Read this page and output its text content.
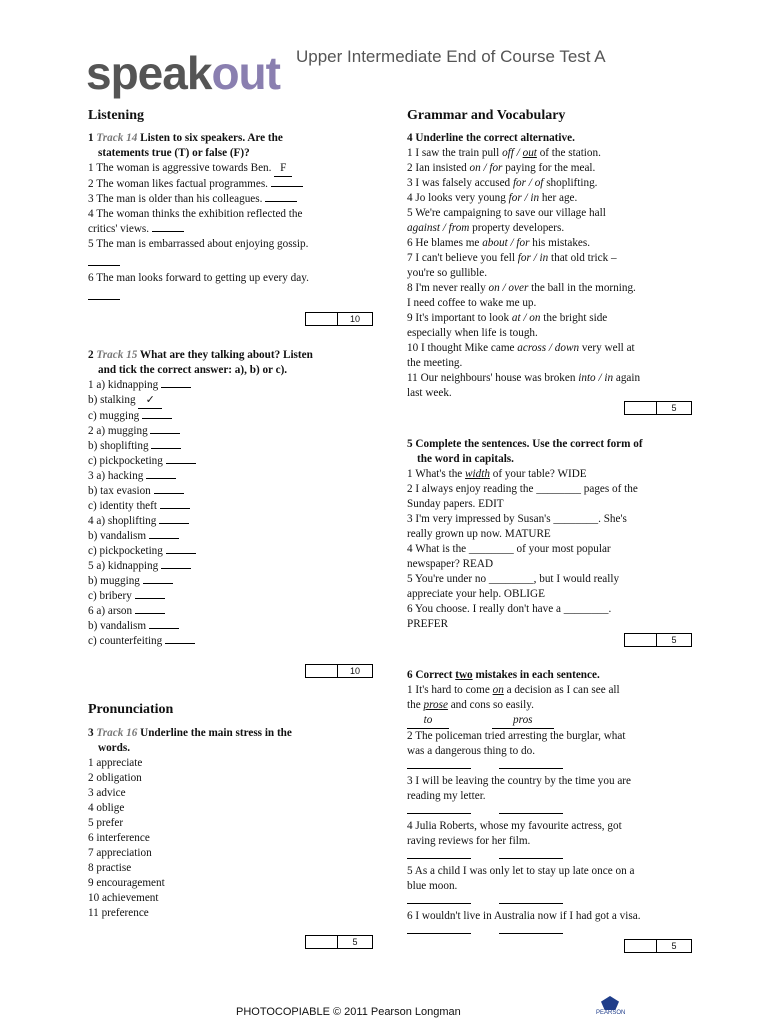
speakout Upper Intermediate End of Course Test A
Listening
1 Track 14 Listen to six speakers. Are the
statements true (T) or false (F)?
1 The woman is aggressive towards Ben. F
2 The woman likes factual programmes.
3 The man is older than his colleagues.
4 The woman thinks the exhibition reflected the
critics' views.
5 The man is embarrassed about enjoying gossip.
6 The man looks forward to getting up every day.
10
2 Track 15 What are they talking about? Listen
and tick the correct answer: a), b) or c).
1 a) kidnapping
b) stalking ✓
c) mugging
2 a) mugging
b) shoplifting
c) pickpocketing
3 a) hacking
b) tax evasion
c) identity theft
4 a) shoplifting
b) vandalism
c) pickpocketing
5 a) kidnapping
b) mugging
c) bribery
6 a) arson
b) vandalism
c) counterfeiting
10
Pronunciation
3 Track 16 Underline the main stress in the
words.
1 appreciate
2 obligation
3 advice
4 oblige
5 prefer
6 interference
7 appreciation
8 practise
9 encouragement
10 achievement
11 preference
5
Grammar and Vocabulary
4 Underline the correct alternative.
1 I saw the train pull off / out of the station.
2 Ian insisted on / for paying for the meal.
3 I was falsely accused for / of shoplifting.
4 Jo looks very young for / in her age.
5 We're campaigning to save our village hall
against / from property developers.
6 He blames me about / for his mistakes.
7 I can't believe you fell for / in that old trick –
you're so gullible.
8 I'm never really on / over the ball in the morning.
I need coffee to wake me up.
9 It's important to look at / on the bright side
especially when life is tough.
10 I thought Mike came across / down very well at
the meeting.
11 Our neighbours' house was broken into / in again
last week.
5
5 Complete the sentences. Use the correct form of
the word in capitals.
1 What's the width of your table? WIDE
2 I always enjoy reading the ________ pages of the
Sunday papers. EDIT
3 I'm very impressed by Susan's ________. She's
really grown up now. MATURE
4 What is the ________ of your most popular
newspaper? READ
5 You're under no ________, but I would really
appreciate your help. OBLIGE
6 You choose. I really don't have a ________.
PREFER
5
6 Correct two mistakes in each sentence.
1 It's hard to come on a decision as I can see all
the prose and cons so easily.
to	pros
2 The policeman tried arresting the burglar, what
was a dangerous thing to do.
3 I will be leaving the country by the time you are
reading my letter.
4 Julia Roberts, whose my favourite actress, got
raving reviews for her film.
5 As a child I was only let to stay up late once on a
blue moon.
6 I wouldn't live in Australia now if I had got a visa.
5
PHOTOCOPIABLE © 2011 Pearson Longman	PEARSON
